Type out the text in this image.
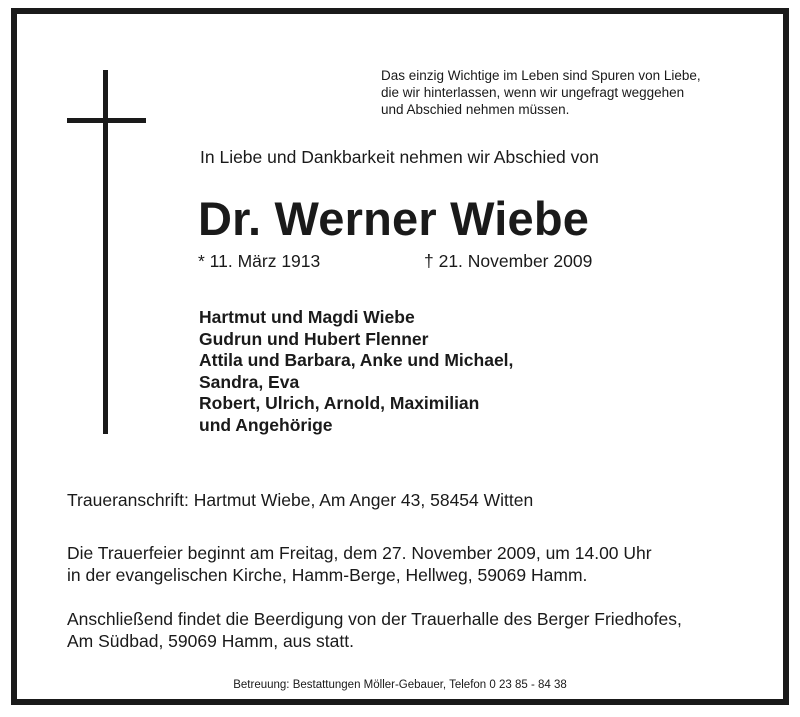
Das einzig Wichtige im Leben sind Spuren von Liebe,
die wir hinterlassen, wenn wir ungefragt weggehen
und Abschied nehmen müssen.
In Liebe und Dankbarkeit nehmen wir Abschied von
Dr. Werner Wiebe
* 11. März 1913	† 21. November 2009
Hartmut und Magdi Wiebe
Gudrun und Hubert Flenner
Attila und Barbara, Anke und Michael,
Sandra, Eva
Robert, Ulrich, Arnold, Maximilian
und Angehörige
Traueranschrift: Hartmut Wiebe, Am Anger 43, 58454 Witten
Die Trauerfeier beginnt am Freitag, dem 27. November 2009, um 14.00 Uhr
in der evangelischen Kirche, Hamm-Berge, Hellweg, 59069 Hamm.
Anschließend findet die Beerdigung von der Trauerhalle des Berger Friedhofes,
Am Südbad, 59069 Hamm, aus statt.
Betreuung: Bestattungen Möller-Gebauer, Telefon 0 23 85 - 84 38
